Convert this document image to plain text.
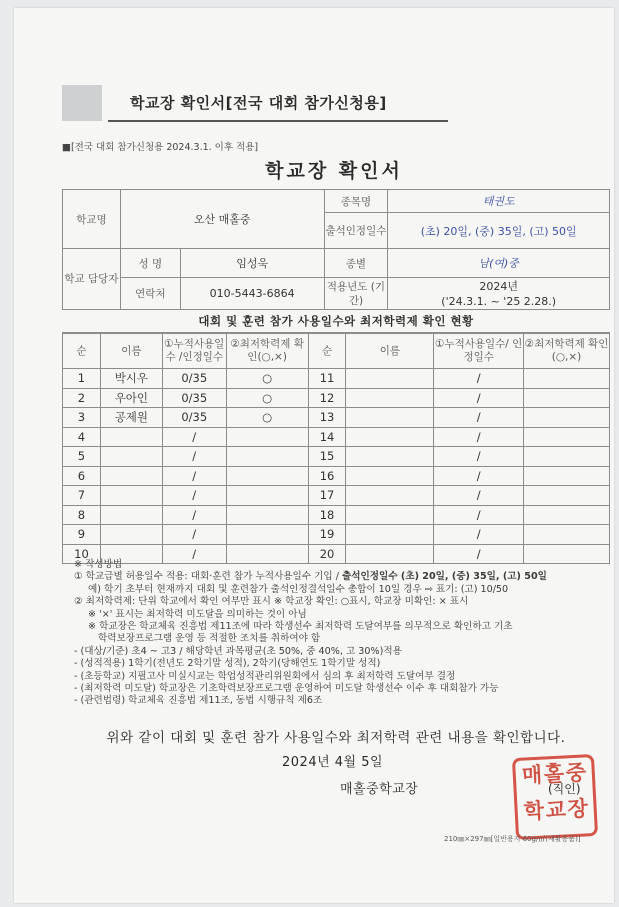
학교장 확인서[전국 대회 참가신청용]
■[전국 대회 참가신청용 2024.3.1. 이후 적용]
학교장 확인서
학교명	오산 매홀중		종목명	태권도
			출석인정일수	(초) 20일, (중) 35일, (고) 50일
학교 담당자	성 명	임성욱	종별	남(여)중
	연락처	010-5443-6864	적용년도 (기간)	2024년
('24.3.1. ~ '25 2.28.)
대회 및 훈련 참가 사용일수와 최저학력제 확인 현황
순	이름	①누적사용일수 /인정일수	②최저학력제 확인(○,×)	순	이름	①누적사용일수/ 인정일수	②최저학력제 확인(○,×)
1	박시우	0/35	○	11		/	
2	우아인	0/35	○	12		/	
3	공제원	0/35	○	13		/	
4		/		14		/	
5		/		15		/	
6		/		16		/	
7		/		17		/	
8		/		18		/	
9		/		19		/	
10		/		20		/	
※ 작성방법
① 학교급별 허용일수 적용: 대회·훈련 참가 누적사용일수 기입 / 출석인정일수 (초) 20일, (중) 35일, (고) 50일
예) 학기 초부터 현재까지 대회 및 훈련참가 출석인정결석일수 총합이 10일 경우 ⇨ 표기: (고) 10/50
② 최저학력제: 단위 학교에서 확인 여부만 표시 ※ 학교장 확인: ○표시, 학교장 미확인: × 표시
※ '×' 표시는 최저학력 미도달을 의미하는 것이 아님
※ 학교장은 학교체육 진흥법 제11조에 따라 학생선수 최저학력 도달여부를 의무적으로 확인하고 기초
학력보장프로그램 운영 등 적절한 조치를 취하여야 함
- (대상/기준) 초4 ~ 고3 / 해당학년 과목평균(초 50%, 중 40%, 고 30%)적용
- (성적적용) 1학기(전년도 2학기말 성적), 2학기(당해연도 1학기말 성적)
- (초등학교) 지필고사 미실시교는 학업성적관리위원회에서 심의 후 최저학력 도달여부 결정
- (최저학력 미도달) 학교장은 기초학력보장프로그램 운영하여 미도달 학생선수 이수 후 대회참가 가능
- (관련법령) 학교체육 진흥법 제11조, 동법 시행규칙 제6조
위와 같이 대회 및 훈련 참가 사용일수와 최저학력 관련 내용을 확인합니다.
2024년 4월 5일
매홀중학교장
매 홀 중
학 교 장
(직인)
210㎜×297㎜[일반용지 60g/㎡(재활용품)]
